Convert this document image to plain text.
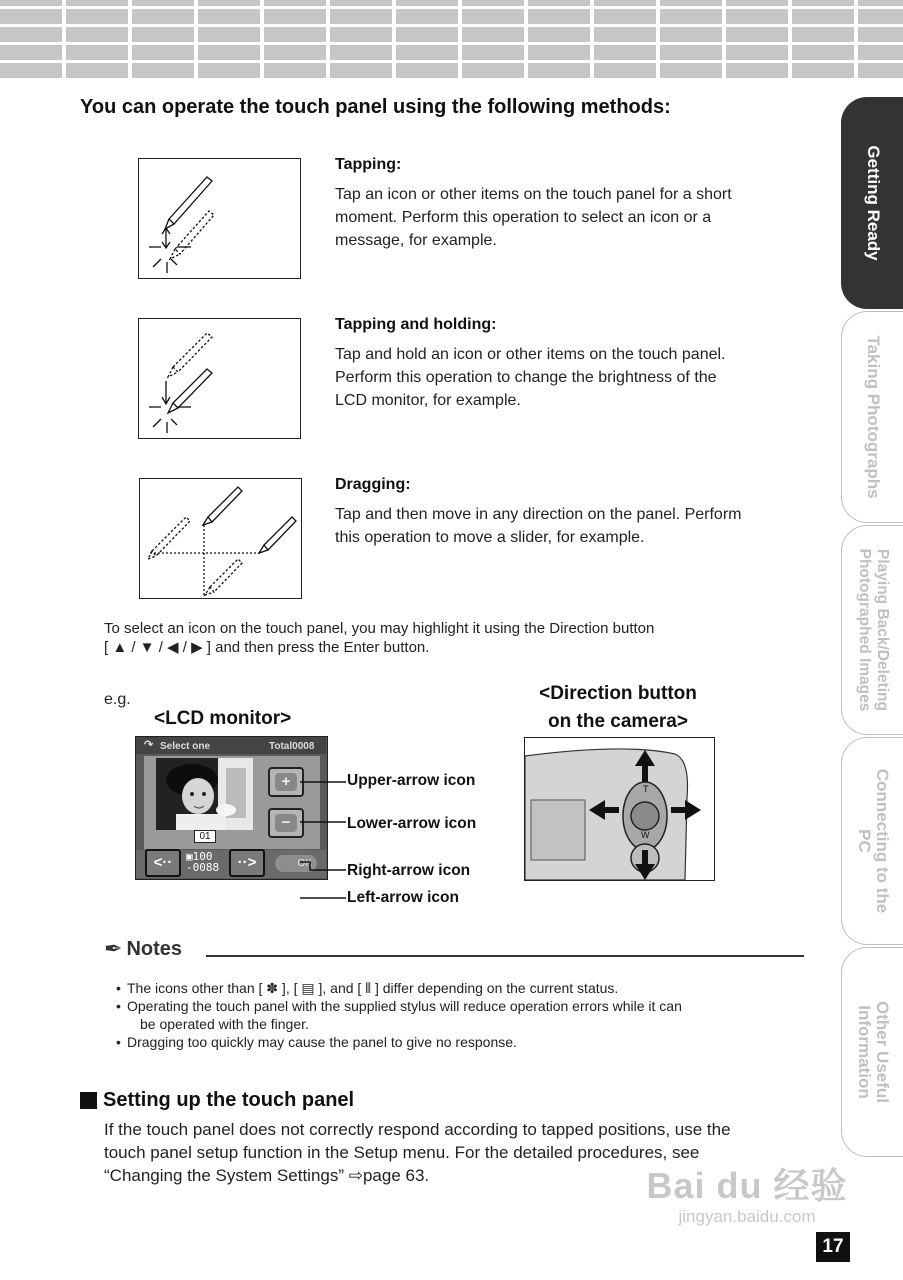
Getting Ready
Taking Photographs
Playing Back/Deleting
Photographed Images
Connecting to the
PC
Other Useful
Information
You can operate the touch panel using the following methods:
Tapping:
Tap an icon or other items on the touch panel for a short
moment. Perform this operation to select an icon or a
message, for example.
Tapping and holding:
Tap and hold an icon or other items on the touch panel.
Perform this operation to change the brightness of the
LCD monitor, for example.
Dragging:
Tap and then move in any direction on the panel. Perform
this operation to move a slider, for example.
To select an icon on the touch panel, you may highlight it using the Direction button
[ ▲ / ▼ / ◀ / ▶ ] and then press the Enter button.
e.g.
<LCD monitor>
↷ Select one	Total0008
01
+
−
<··	▣100
-0088	··>	OK
Upper-arrow icon
Lower-arrow icon
Right-arrow icon
Left-arrow icon
<Direction button
on the camera>
T
W
✒ Notes
• The icons other than [ ✽ ], [ ▤ ], and [ ⫴ ] differ depending on the current status.
• Operating the touch panel with the supplied stylus will reduce operation errors while it can
be operated with the finger.
• Dragging too quickly may cause the panel to give no response.
Setting up the touch panel
If the touch panel does not correctly respond according to tapped positions, use the
touch panel setup function in the Setup menu. For the detailed procedures, see
“Changing the System Settings” ⇨page 63.	Bai du 经验
jingyan.baidu.com
17
